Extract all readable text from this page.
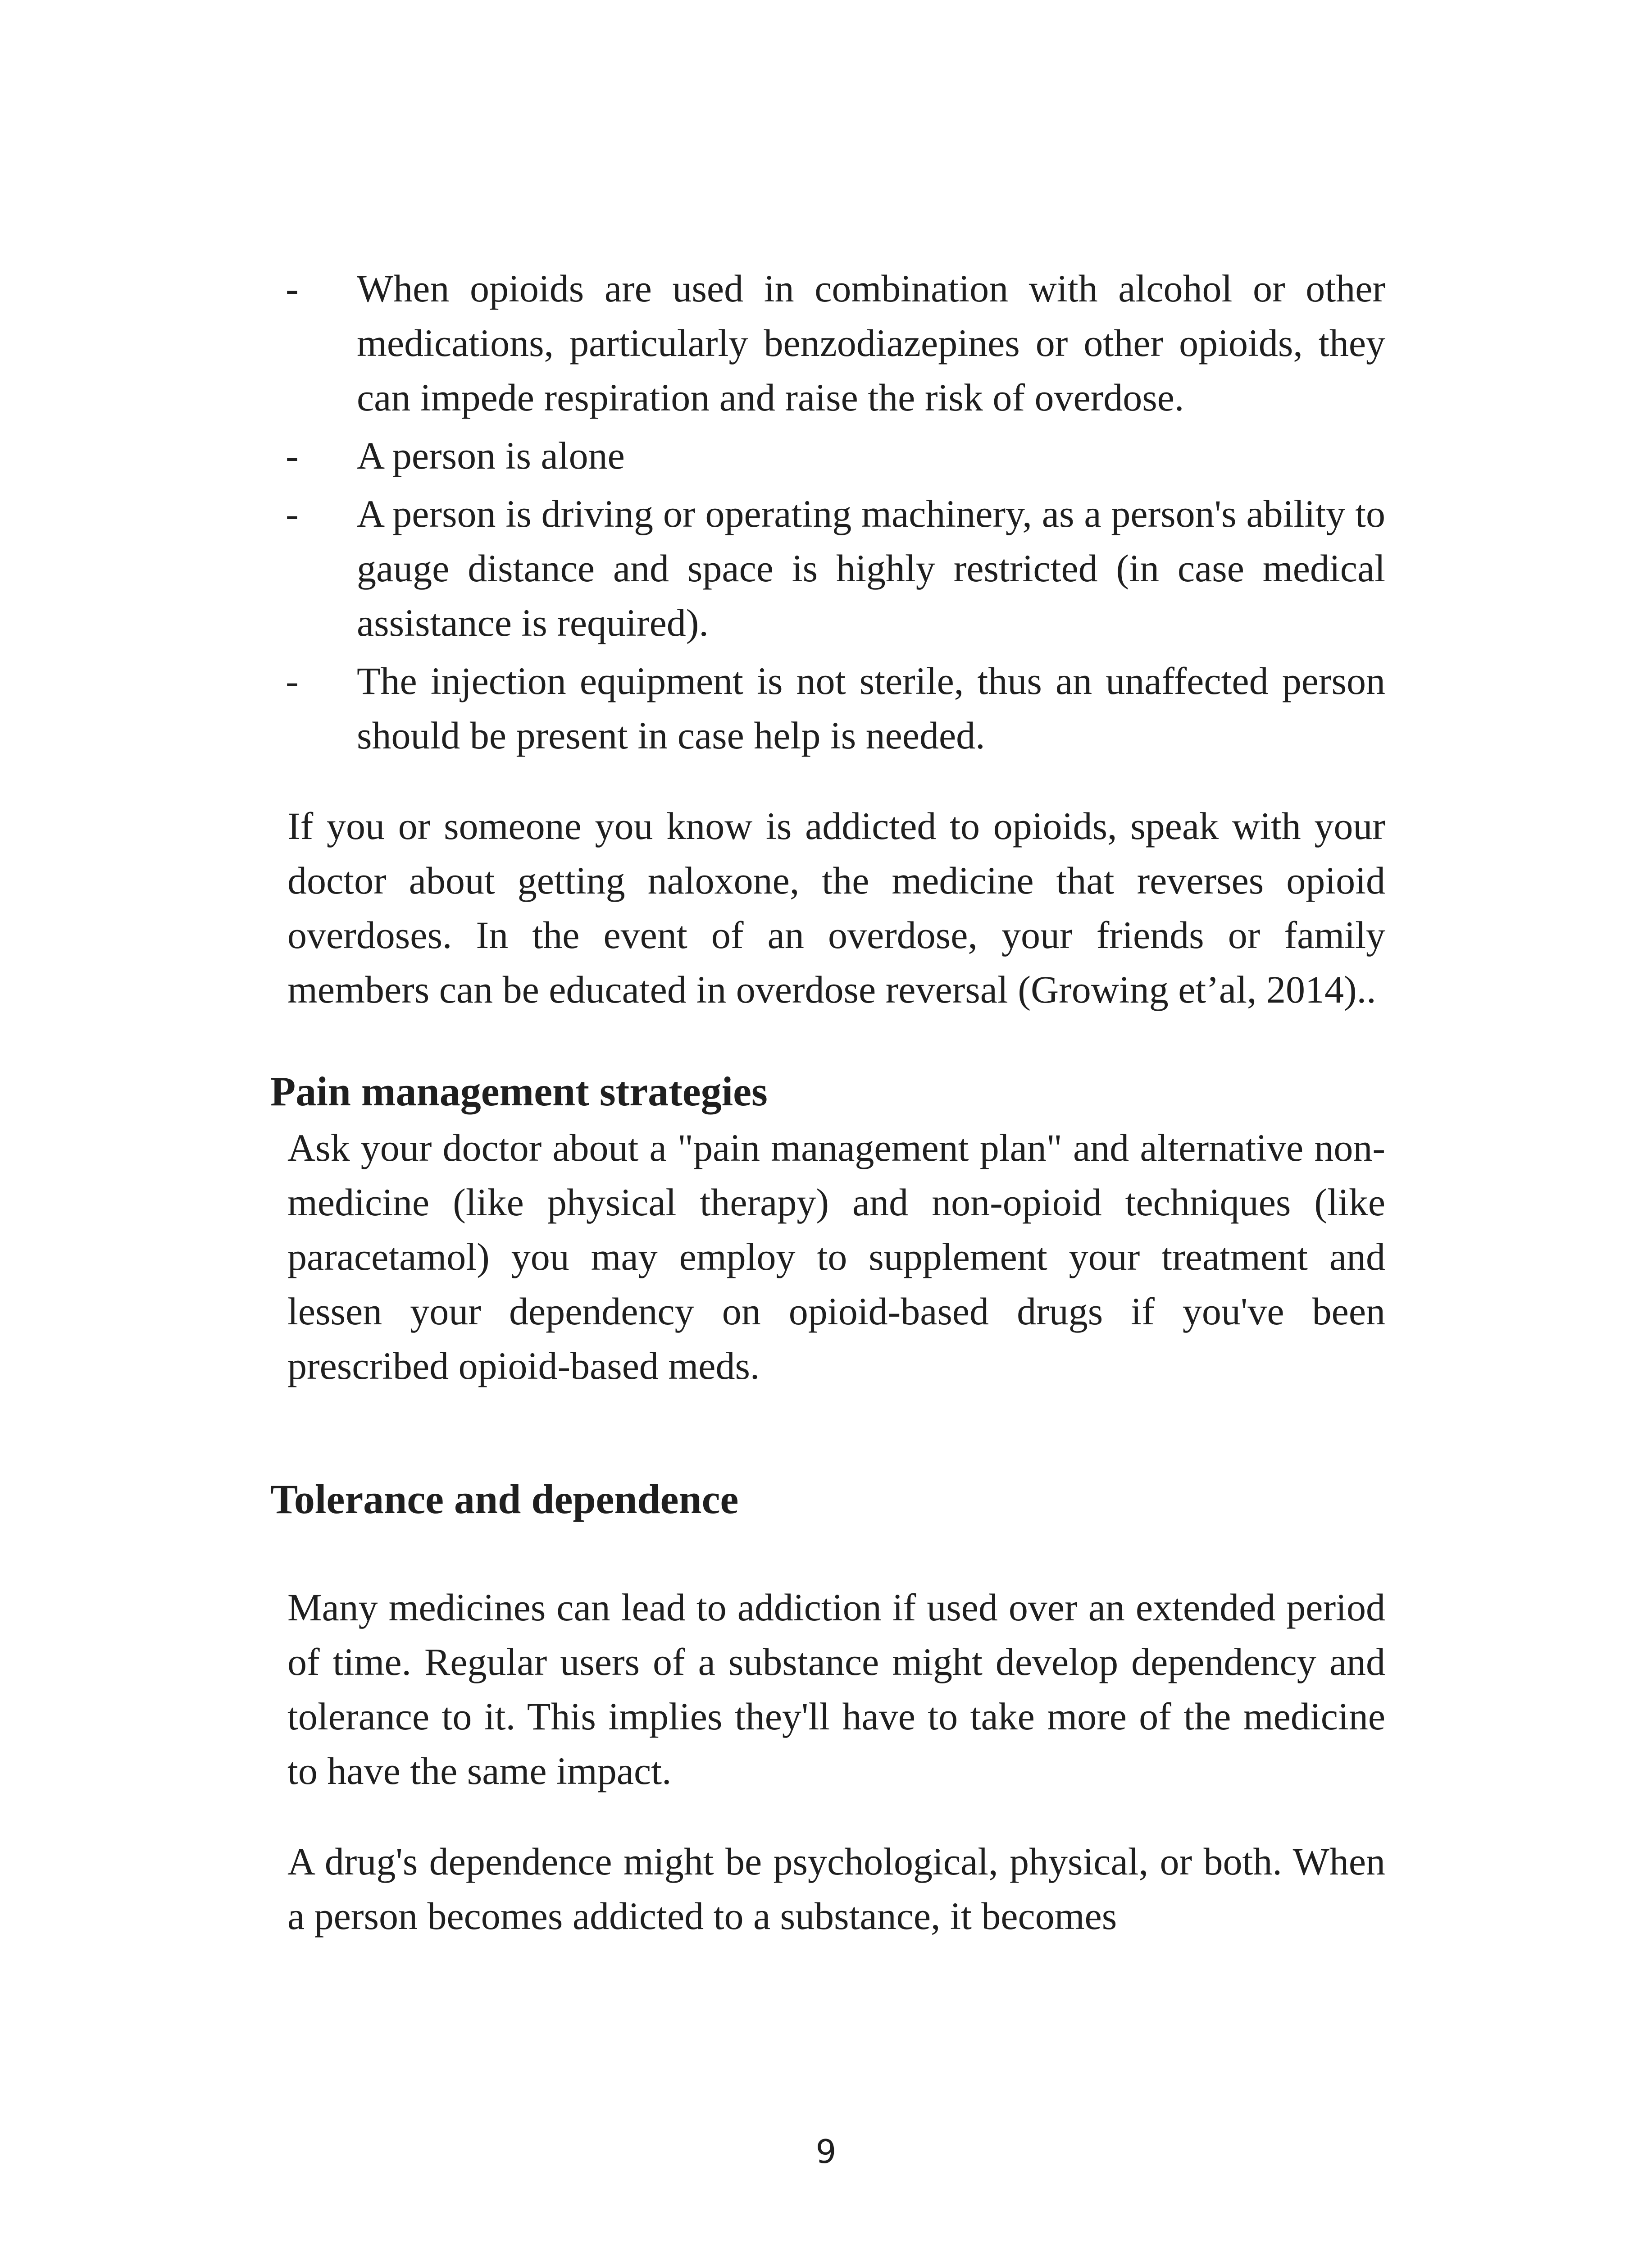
- When opioids are used in combination with alcohol or other medications, particularly benzodiazepines or other opioids, they can impede respiration and raise the risk of overdose.
- A person is alone
- A person is driving or operating machinery, as a person's ability to gauge distance and space is highly restricted (in case medical assistance is required).
- The injection equipment is not sterile, thus an unaffected person should be present in case help is needed.

If you or someone you know is addicted to opioids, speak with your doctor about getting naloxone, the medicine that reverses opioid overdoses. In the event of an overdose, your friends or family members can be educated in overdose reversal (Growing et’al, 2014)..

Pain management strategies

Ask your doctor about a "pain management plan" and alternative non-medicine (like physical therapy) and non-opioid techniques (like paracetamol) you may employ to supplement your treatment and lessen your dependency on opioid-based drugs if you've been prescribed opioid-based meds.

Tolerance and dependence

Many medicines can lead to addiction if used over an extended period of time. Regular users of a substance might develop dependency and tolerance to it. This implies they'll have to take more of the medicine to have the same impact.

A drug's dependence might be psychological, physical, or both. When a person becomes addicted to a substance, it becomes

9
